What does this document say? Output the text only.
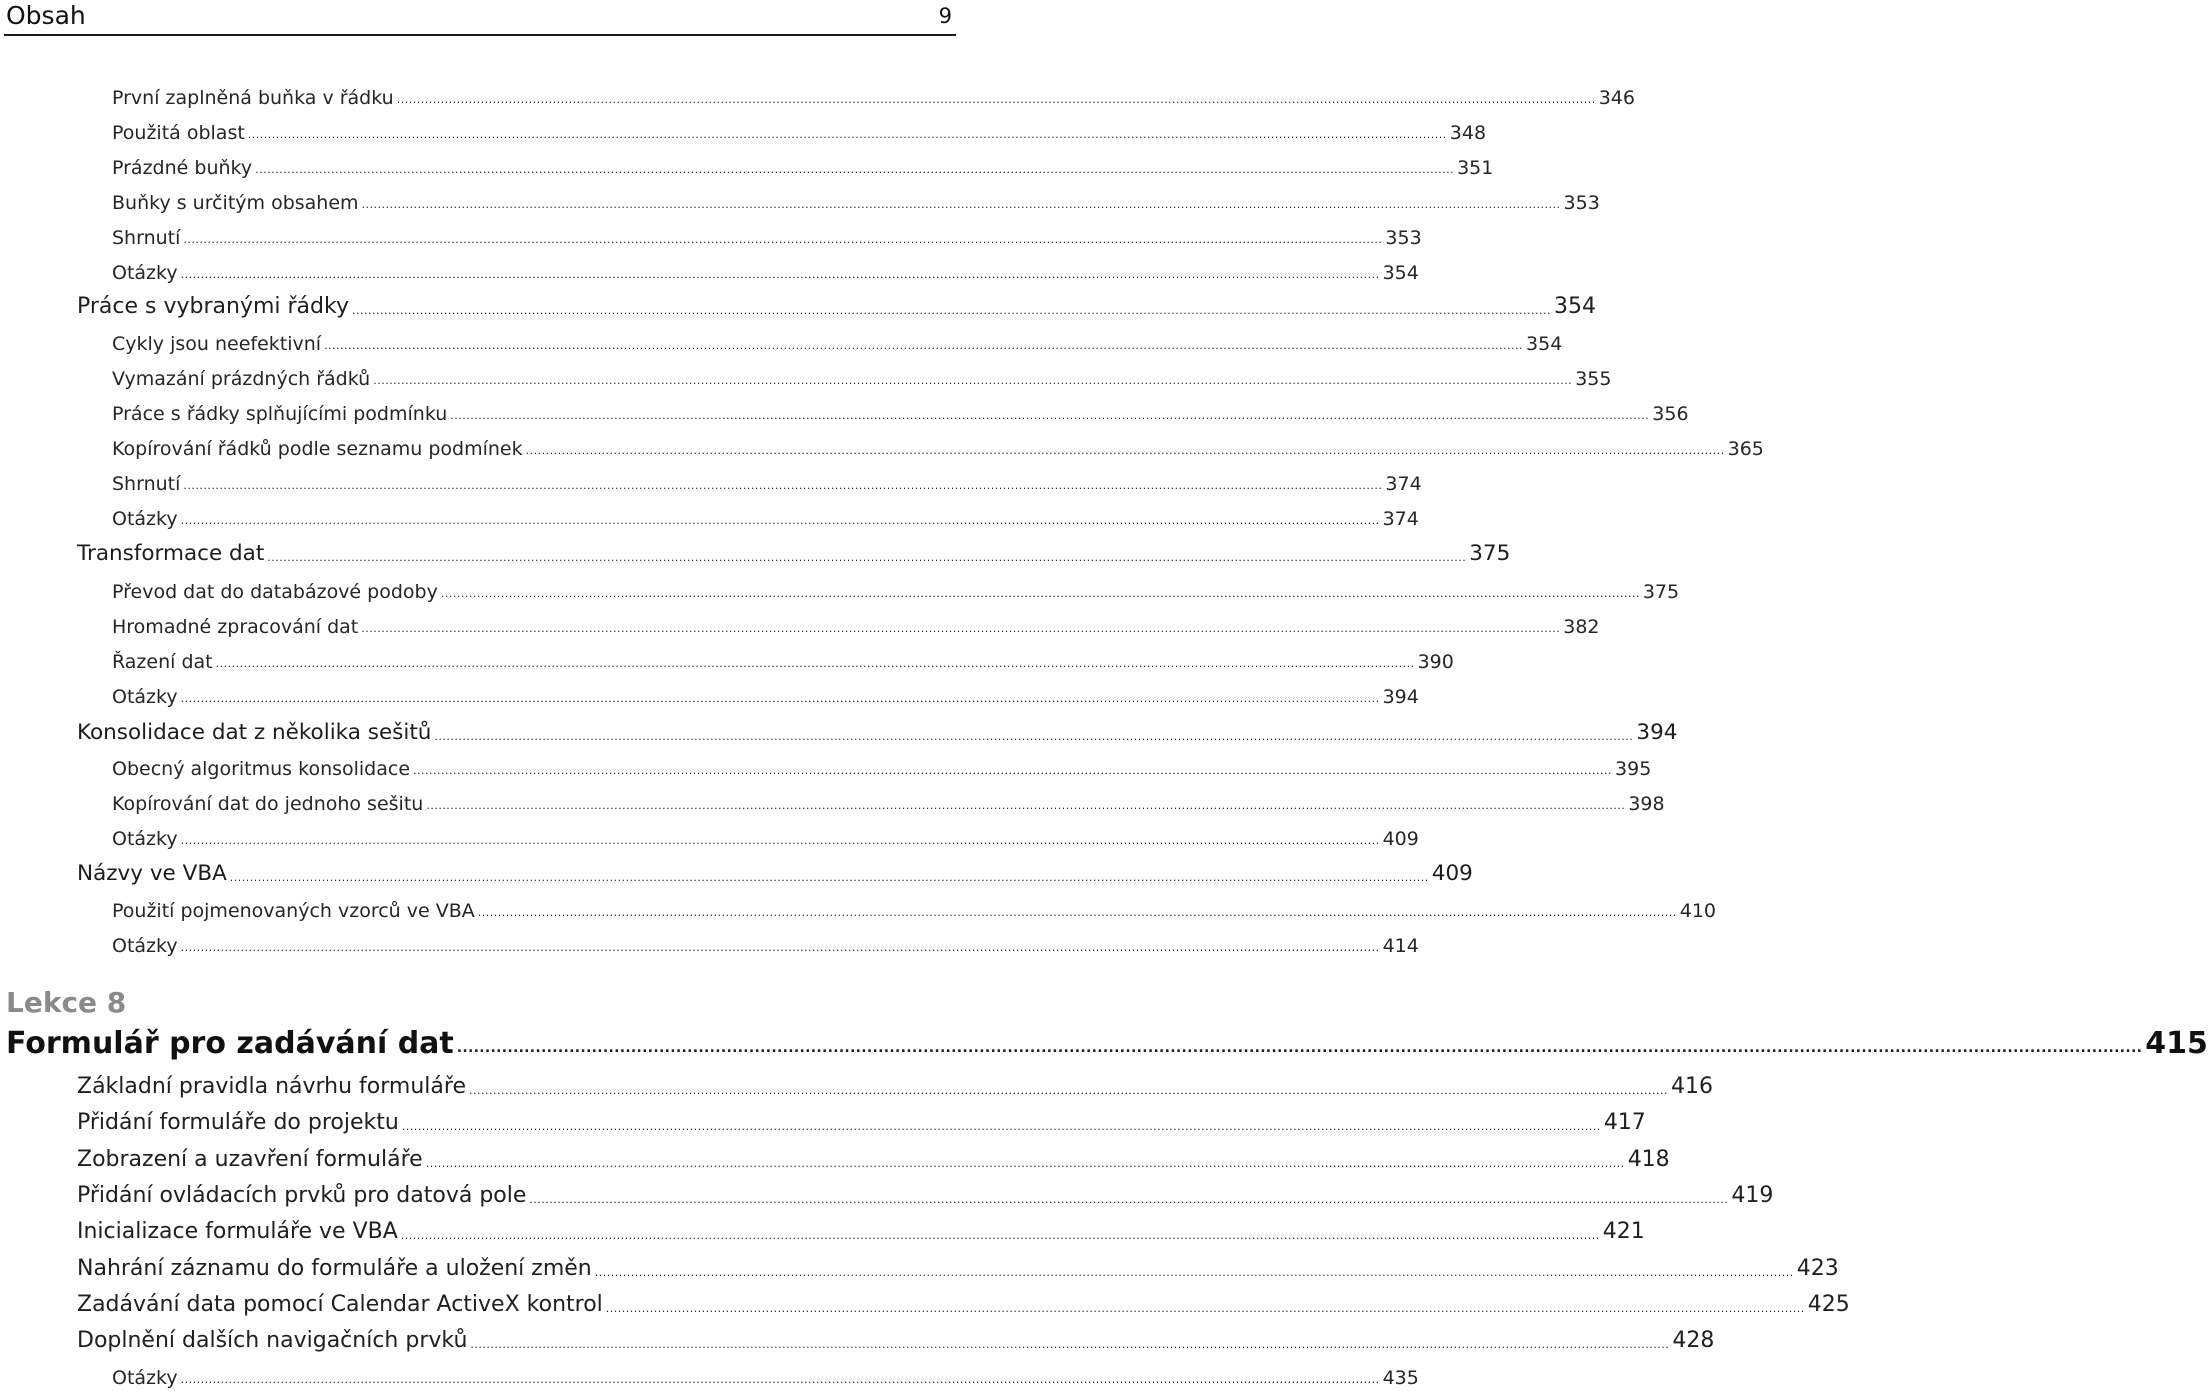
Obsah	9
První zaplněná buňka v řádku ............................................................................................................................................................................................................................................................................................................ 346
Použitá oblast ............................................................................................................................................................................................................................................................................................................ 348
Prázdné buňky ............................................................................................................................................................................................................................................................................................................ 351
Buňky s určitým obsahem ............................................................................................................................................................................................................................................................................................................ 353
Shrnutí ............................................................................................................................................................................................................................................................................................................ 353
Otázky ............................................................................................................................................................................................................................................................................................................ 354
Práce s vybranými řádky ............................................................................................................................................................................................................................................................................................................ 354
Cykly jsou neefektivní ............................................................................................................................................................................................................................................................................................................ 354
Vymazání prázdných řádků ............................................................................................................................................................................................................................................................................................................ 355
Práce s řádky splňujícími podmínku ............................................................................................................................................................................................................................................................................................................ 356
Kopírování řádků podle seznamu podmínek ............................................................................................................................................................................................................................................................................................................ 365
Shrnutí ............................................................................................................................................................................................................................................................................................................ 374
Otázky ............................................................................................................................................................................................................................................................................................................ 374
Transformace dat ............................................................................................................................................................................................................................................................................................................ 375
Převod dat do databázové podoby ............................................................................................................................................................................................................................................................................................................ 375
Hromadné zpracování dat ............................................................................................................................................................................................................................................................................................................ 382
Řazení dat ............................................................................................................................................................................................................................................................................................................ 390
Otázky ............................................................................................................................................................................................................................................................................................................ 394
Konsolidace dat z několika sešitů ............................................................................................................................................................................................................................................................................................................ 394
Obecný algoritmus konsolidace ............................................................................................................................................................................................................................................................................................................ 395
Kopírování dat do jednoho sešitu ............................................................................................................................................................................................................................................................................................................ 398
Otázky ............................................................................................................................................................................................................................................................................................................ 409
Názvy ve VBA ............................................................................................................................................................................................................................................................................................................ 409
Použití pojmenovaných vzorců ve VBA ............................................................................................................................................................................................................................................................................................................ 410
Otázky ............................................................................................................................................................................................................................................................................................................ 414
Lekce 8
Formulář pro zadávání dat ............................................................................................................................................................................................................................................................................................................ 415
Základní pravidla návrhu formuláře ............................................................................................................................................................................................................................................................................................................ 416
Přidání formuláře do projektu ............................................................................................................................................................................................................................................................................................................ 417
Zobrazení a uzavření formuláře ............................................................................................................................................................................................................................................................................................................ 418
Přidání ovládacích prvků pro datová pole ............................................................................................................................................................................................................................................................................................................ 419
Inicializace formuláře ve VBA ............................................................................................................................................................................................................................................................................................................ 421
Nahrání záznamu do formuláře a uložení změn ............................................................................................................................................................................................................................................................................................................ 423
Zadávání data pomocí Calendar ActiveX kontrol ............................................................................................................................................................................................................................................................................................................ 425
Doplnění dalších navigačních prvků ............................................................................................................................................................................................................................................................................................................ 428
Otázky ............................................................................................................................................................................................................................................................................................................ 435
